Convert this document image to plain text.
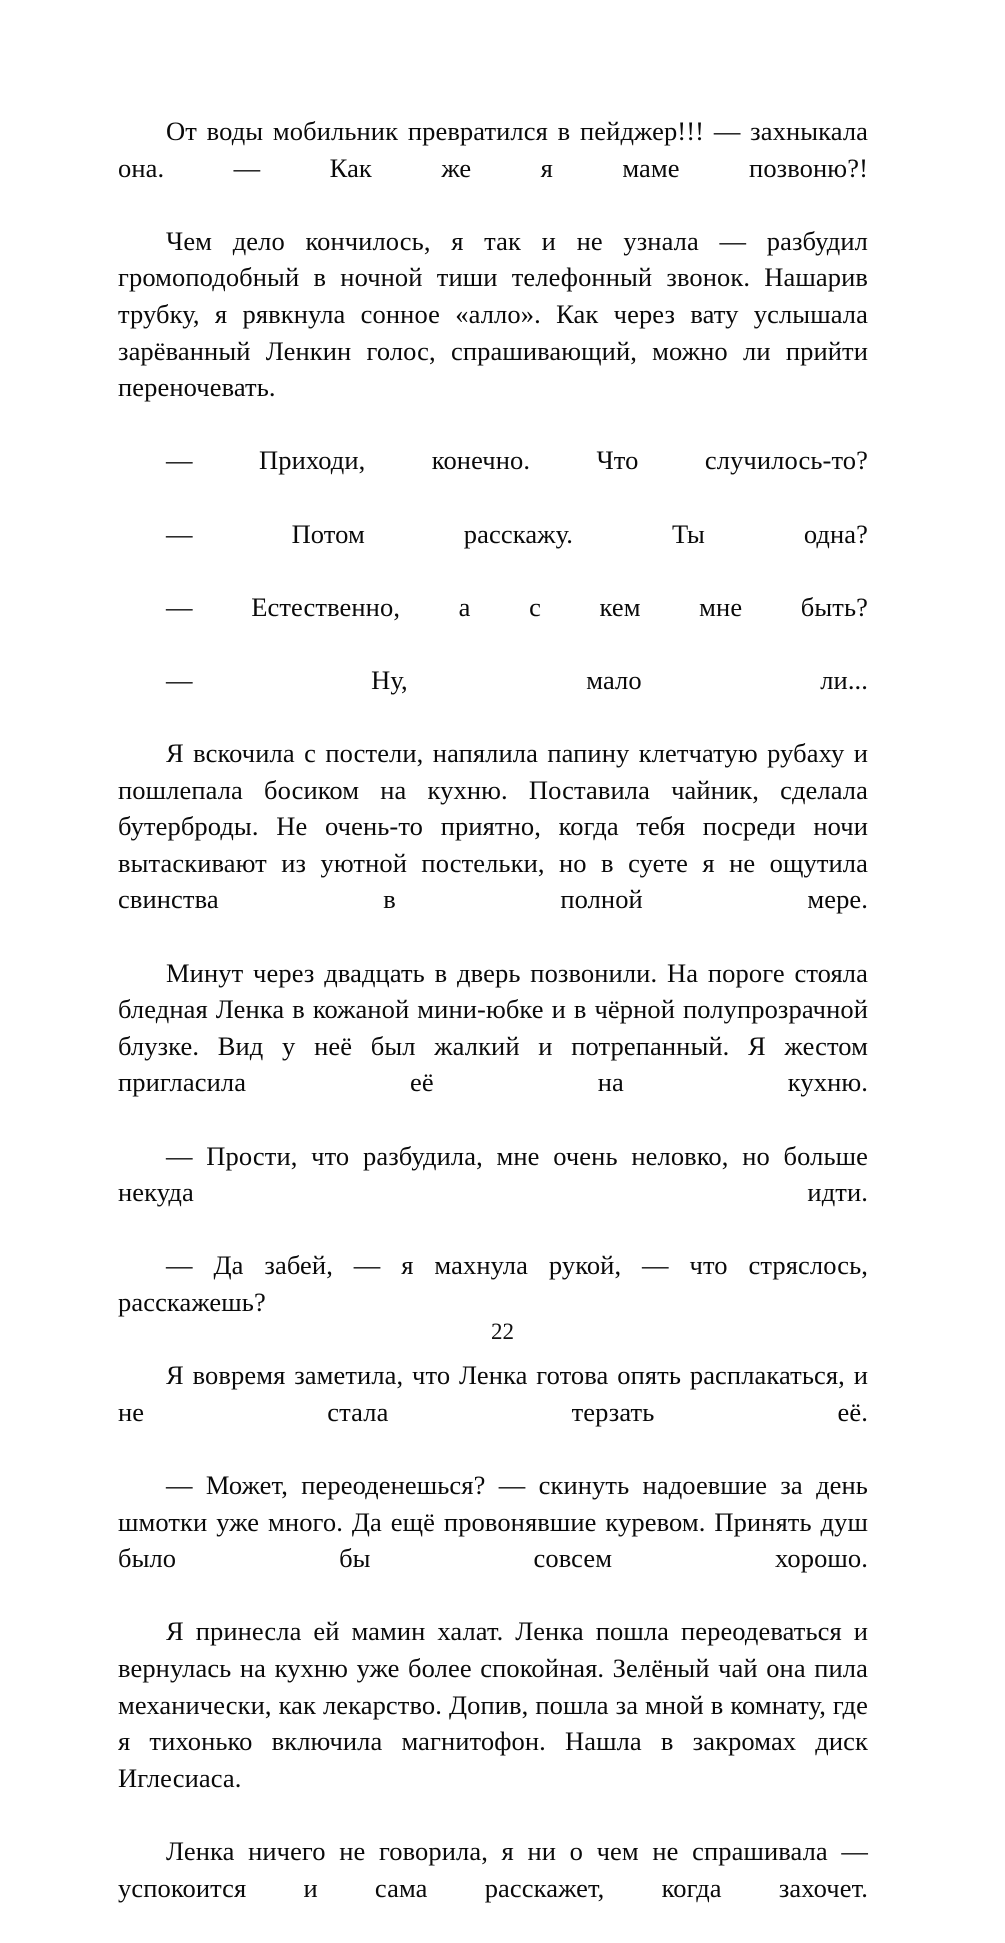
От воды мобильник превратился в пейджер!!! — захныкала она. — Как же я маме позвоню?!

Чем дело кончилось, я так и не узнала — разбудил громоподобный в ночной тиши телефонный звонок. Нашарив трубку, я рявкнула сонное «алло». Как через вату услышала зарёванный Ленкин голос, спрашивающий, можно ли прийти переночевать.

— Приходи, конечно. Что случилось-то?

— Потом расскажу. Ты одна?

— Естественно, а с кем мне быть?

— Ну, мало ли...

Я вскочила с постели, напялила папину клетчатую рубаху и пошлепала босиком на кухню. Поставила чайник, сделала бутерброды. Не очень-то приятно, когда тебя посреди ночи вытаскивают из уютной постельки, но в суете я не ощутила свинства в полной мере.

Минут через двадцать в дверь позвонили. На пороге стояла бледная Ленка в кожаной мини-юбке и в чёрной полупрозрачной блузке. Вид у неё был жалкий и потрепанный. Я жестом пригласила её на кухню.

— Прости, что разбудила, мне очень неловко, но больше некуда идти.

— Да забей, — я махнула рукой, — что стряслось, расскажешь?

Я вовремя заметила, что Ленка готова опять расплакаться, и не стала терзать её.

— Может, переоденешься? — скинуть надоевшие за день шмотки уже много. Да ещё провонявшие куревом. Принять душ было бы совсем хорошо.

Я принесла ей мамин халат. Ленка пошла переодеваться и вернулась на кухню уже более спокойная. Зелёный чай она пила механически, как лекарство. Допив, пошла за мной в комнату, где я тихонько включила магнитофон. Нашла в закромах диск Иглесиаса.

Ленка ничего не говорила, я ни о чем не спрашивала — успокоится и сама расскажет, когда захочет.

22
